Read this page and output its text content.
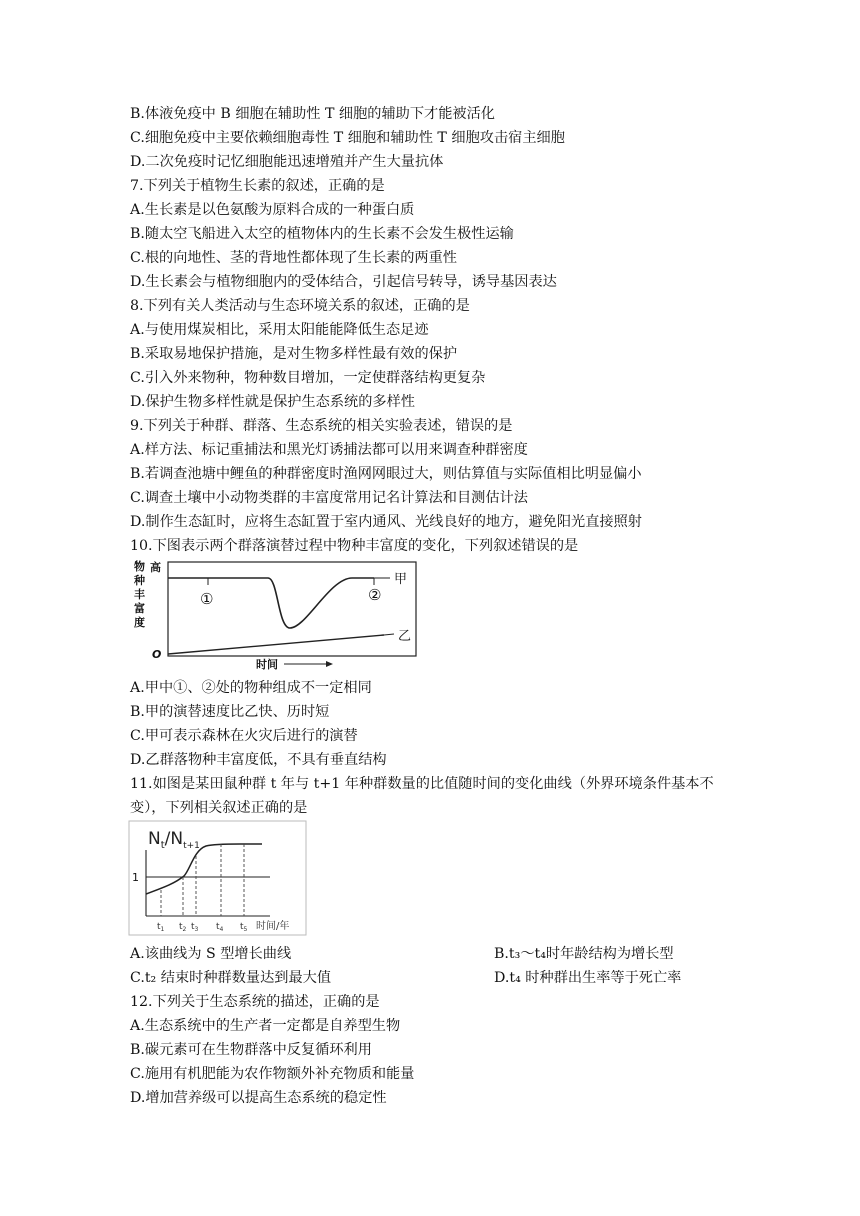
B.体液免疫中 B 细胞在辅助性 T 细胞的辅助下才能被活化
C.细胞免疫中主要依赖细胞毒性 T 细胞和辅助性 T 细胞攻击宿主细胞
D.二次免疫时记忆细胞能迅速增殖并产生大量抗体
7.下列关于植物生长素的叙述，正确的是
A.生长素是以色氨酸为原料合成的一种蛋白质
B.随太空飞船进入太空的植物体内的生长素不会发生极性运输
C.根的向地性、茎的背地性都体现了生长素的两重性
D.生长素会与植物细胞内的受体结合，引起信号转导，诱导基因表达
8.下列有关人类活动与生态环境关系的叙述，正确的是
A.与使用煤炭相比，采用太阳能能降低生态足迹
B.采取易地保护措施，是对生物多样性最有效的保护
C.引入外来物种，物种数目增加，一定使群落结构更复杂
D.保护生物多样性就是保护生态系统的多样性
9.下列关于种群、群落、生态系统的相关实验表述，错误的是
A.样方法、标记重捕法和黑光灯诱捕法都可以用来调查种群密度
B.若调查池塘中鲤鱼的种群密度时渔网网眼过大，则估算值与实际值相比明显偏小
C.调查土壤中小动物类群的丰富度常用记名计算法和目测估计法
D.制作生态缸时，应将生态缸置于室内通风、光线良好的地方，避免阳光直接照射
10.下图表示两个群落演替过程中物种丰富度的变化，下列叙述错误的是
物
种
丰
富
度
高
O
时间
①	②
甲
乙
A.甲中①、②处的物种组成不一定相同
B.甲的演替速度比乙快、历时短
C.甲可表示森林在火灾后进行的演替
D.乙群落物种丰富度低，不具有垂直结构
11.如图是某田鼠种群 t 年与 t+1 年种群数量的比值随时间的变化曲线（外界环境条件基本不
变），下列相关叙述正确的是
$N_t/N_{t+1}$
1
$t_1$ $t_2$ $t_3$ $t_4$ $t_5$ 时间/年
A.该曲线为 S 型增长曲线	B.t₃～t₄时年龄结构为增长型
C.t₂ 结束时种群数量达到最大值	D.t₄ 时种群出生率等于死亡率
12.下列关于生态系统的描述，正确的是
A.生态系统中的生产者一定都是自养型生物
B.碳元素可在生物群落中反复循环利用
C.施用有机肥能为农作物额外补充物质和能量
D.增加营养级可以提高生态系统的稳定性
